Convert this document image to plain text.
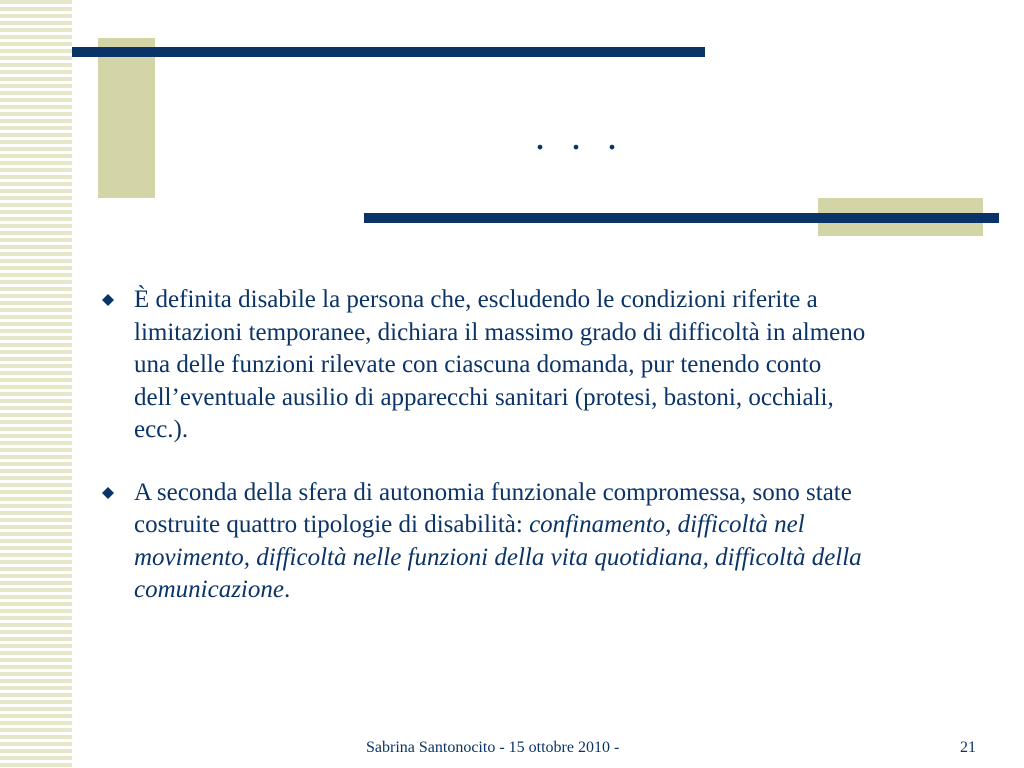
. . .
È definita disabile la persona che, escludendo le condizioni riferite a limitazioni temporanee, dichiara il massimo grado di difficoltà in almeno una delle funzioni rilevate con ciascuna domanda, pur tenendo conto dell’eventuale ausilio di apparecchi sanitari (protesi, bastoni, occhiali, ecc.).
A seconda della sfera di autonomia funzionale compromessa, sono state costruite quattro tipologie di disabilità: confinamento, difficoltà nel movimento, difficoltà nelle funzioni della vita quotidiana, difficoltà della comunicazione.
Sabrina Santonocito - 15 ottobre 2010 -	21
